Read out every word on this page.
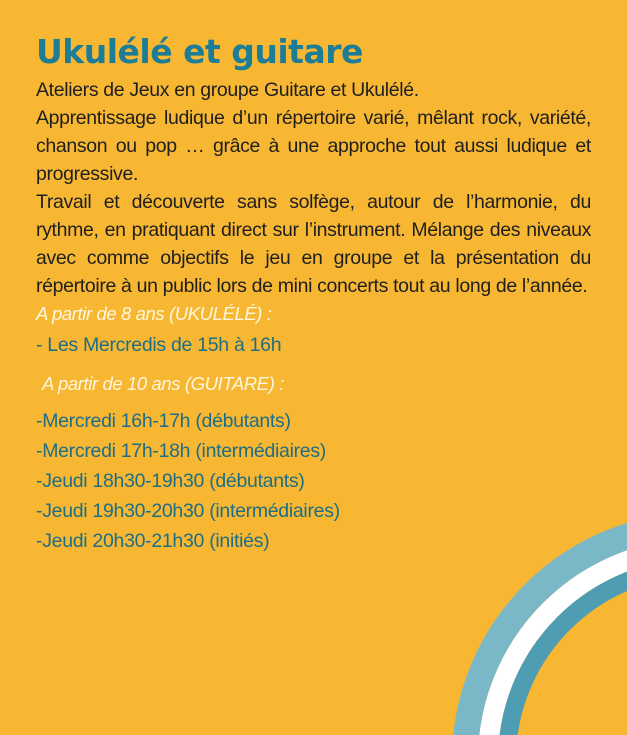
Ukulélé et guitare

Ateliers de Jeux en groupe Guitare et Ukulélé.

Apprentissage ludique d’un répertoire varié, mêlant rock, variété, chanson ou pop … grâce à une approche tout aussi ludique et progressive.

Travail et découverte sans solfège, autour de l’harmonie, du rythme, en pratiquant direct sur l’instrument. Mélange des niveaux avec comme objectifs le jeu en groupe et la présentation du répertoire à un public lors de mini concerts tout au long de l’année.

A partir de 8 ans (UKULÉLÉ) :

- Les Mercredis de 15h à 16h

A partir de 10 ans (GUITARE) :

-Mercredi 16h-17h (débutants)

-Mercredi 17h-18h (intermédiaires)

-Jeudi 18h30-19h30 (débutants)

-Jeudi 19h30-20h30 (intermédiaires)

-Jeudi 20h30-21h30 (initiés)
